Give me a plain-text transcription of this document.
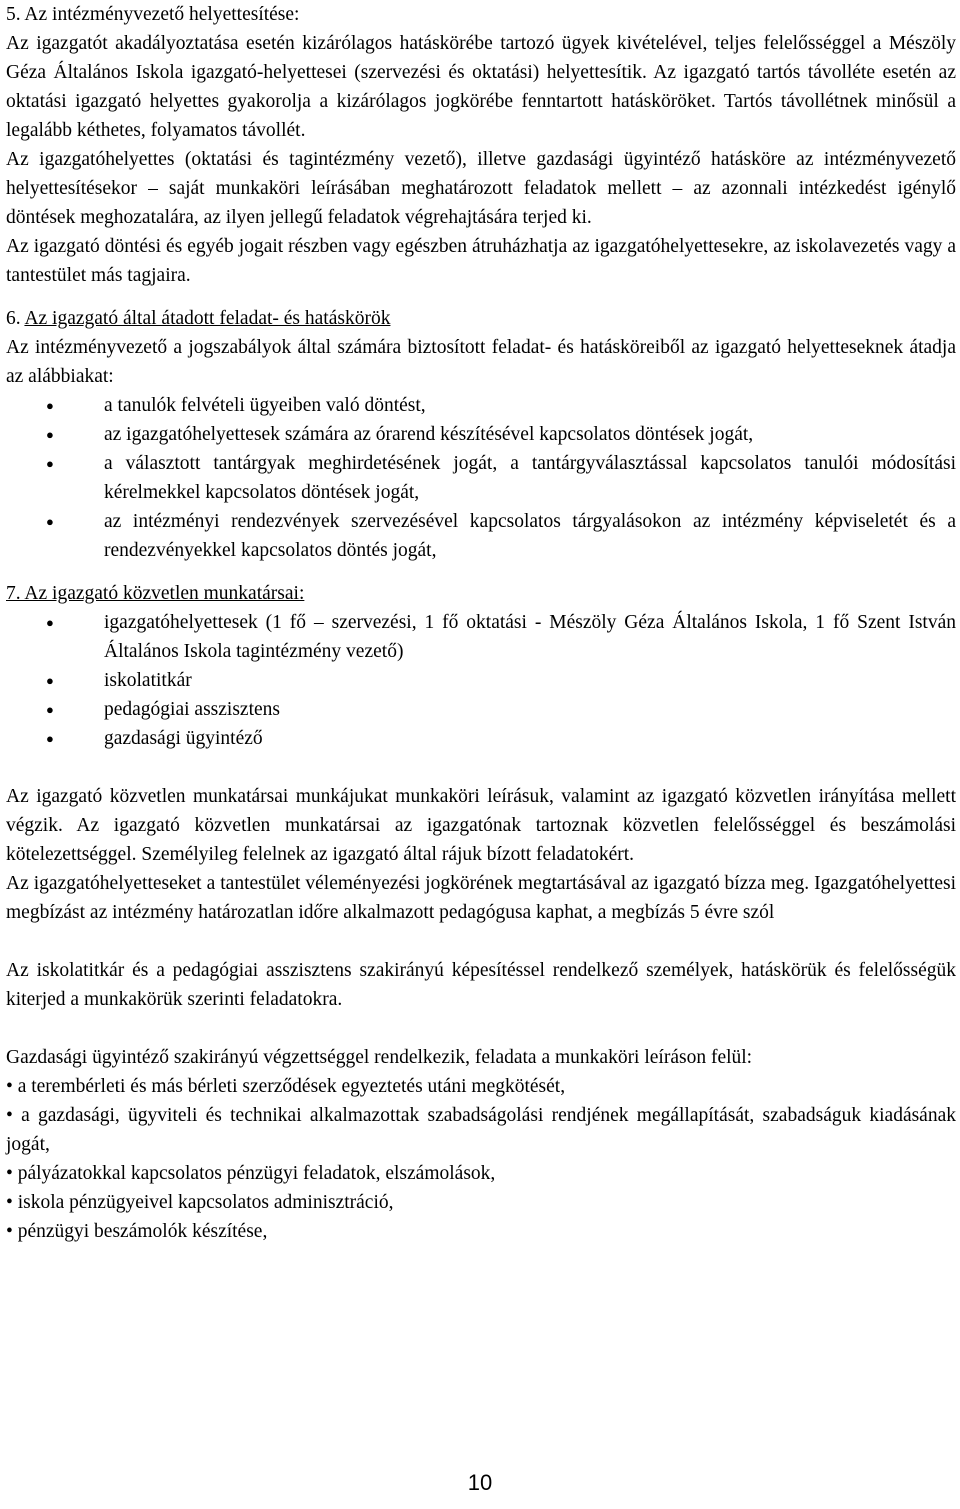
5. Az intézményvezető helyettesítése:
Az igazgatót akadályoztatása esetén kizárólagos hatáskörébe tartozó ügyek kivételével, teljes felelősséggel a Mészöly Géza Általános Iskola igazgató-helyettesei (szervezési és oktatási) helyettesítik. Az igazgató tartós távolléte esetén az oktatási igazgató helyettes gyakorolja a kizárólagos jogkörébe fenntartott hatásköröket. Tartós távollétnek minősül a legalább kéthetes, folyamatos távollét.
Az igazgatóhelyettes (oktatási és tagintézmény vezető), illetve gazdasági ügyintéző hatásköre az intézményvezető helyettesítésekor – saját munkaköri leírásában meghatározott feladatok mellett – az azonnali intézkedést igénylő döntések meghozatalára, az ilyen jellegű feladatok végrehajtására terjed ki.
Az igazgató döntési és egyéb jogait részben vagy egészben átruházhatja az igazgatóhelyettesekre, az iskolavezetés vagy a tantestület más tagjaira.
6. Az igazgató által átadott feladat- és hatáskörök
Az intézményvezető a jogszabályok által számára biztosított feladat- és hatásköreiből az igazgató helyetteseknek átadja az alábbiakat:
● a tanulók felvételi ügyeiben való döntést,
● az igazgatóhelyettesek számára az órarend készítésével kapcsolatos döntések jogát,
● a választott tantárgyak meghirdetésének jogát, a tantárgyválasztással kapcsolatos tanulói módosítási kérelmekkel kapcsolatos döntések jogát,
● az intézményi rendezvények szervezésével kapcsolatos tárgyalásokon az intézmény képviseletét és a rendezvényekkel kapcsolatos döntés jogát,
7. Az igazgató közvetlen munkatársai:
● igazgatóhelyettesek (1 fő – szervezési, 1 fő oktatási - Mészöly Géza Általános Iskola, 1 fő Szent István Általános Iskola tagintézmény vezető)
● iskolatitkár
● pedagógiai asszisztens
● gazdasági ügyintéző
Az igazgató közvetlen munkatársai munkájukat munkaköri leírásuk, valamint az igazgató közvetlen irányítása mellett végzik. Az igazgató közvetlen munkatársai az igazgatónak tartoznak közvetlen felelősséggel és beszámolási kötelezettséggel. Személyileg felelnek az igazgató által rájuk bízott feladatokért.
Az igazgatóhelyetteseket a tantestület véleményezési jogkörének megtartásával az igazgató bízza meg. Igazgatóhelyettesi megbízást az intézmény határozatlan időre alkalmazott pedagógusa kaphat, a megbízás 5 évre szól
Az iskolatitkár és a pedagógiai asszisztens szakirányú képesítéssel rendelkező személyek, hatáskörük és felelősségük kiterjed a munkakörük szerinti feladatokra.
Gazdasági ügyintéző szakirányú végzettséggel rendelkezik, feladata a munkaköri leíráson felül:
• a terembérleti és más bérleti szerződések egyeztetés utáni megkötését,
• a gazdasági, ügyviteli és technikai alkalmazottak szabadságolási rendjének megállapítását, szabadságuk kiadásának jogát,
• pályázatokkal kapcsolatos pénzügyi feladatok, elszámolások,
• iskola pénzügyeivel kapcsolatos adminisztráció,
• pénzügyi beszámolók készítése,
10
